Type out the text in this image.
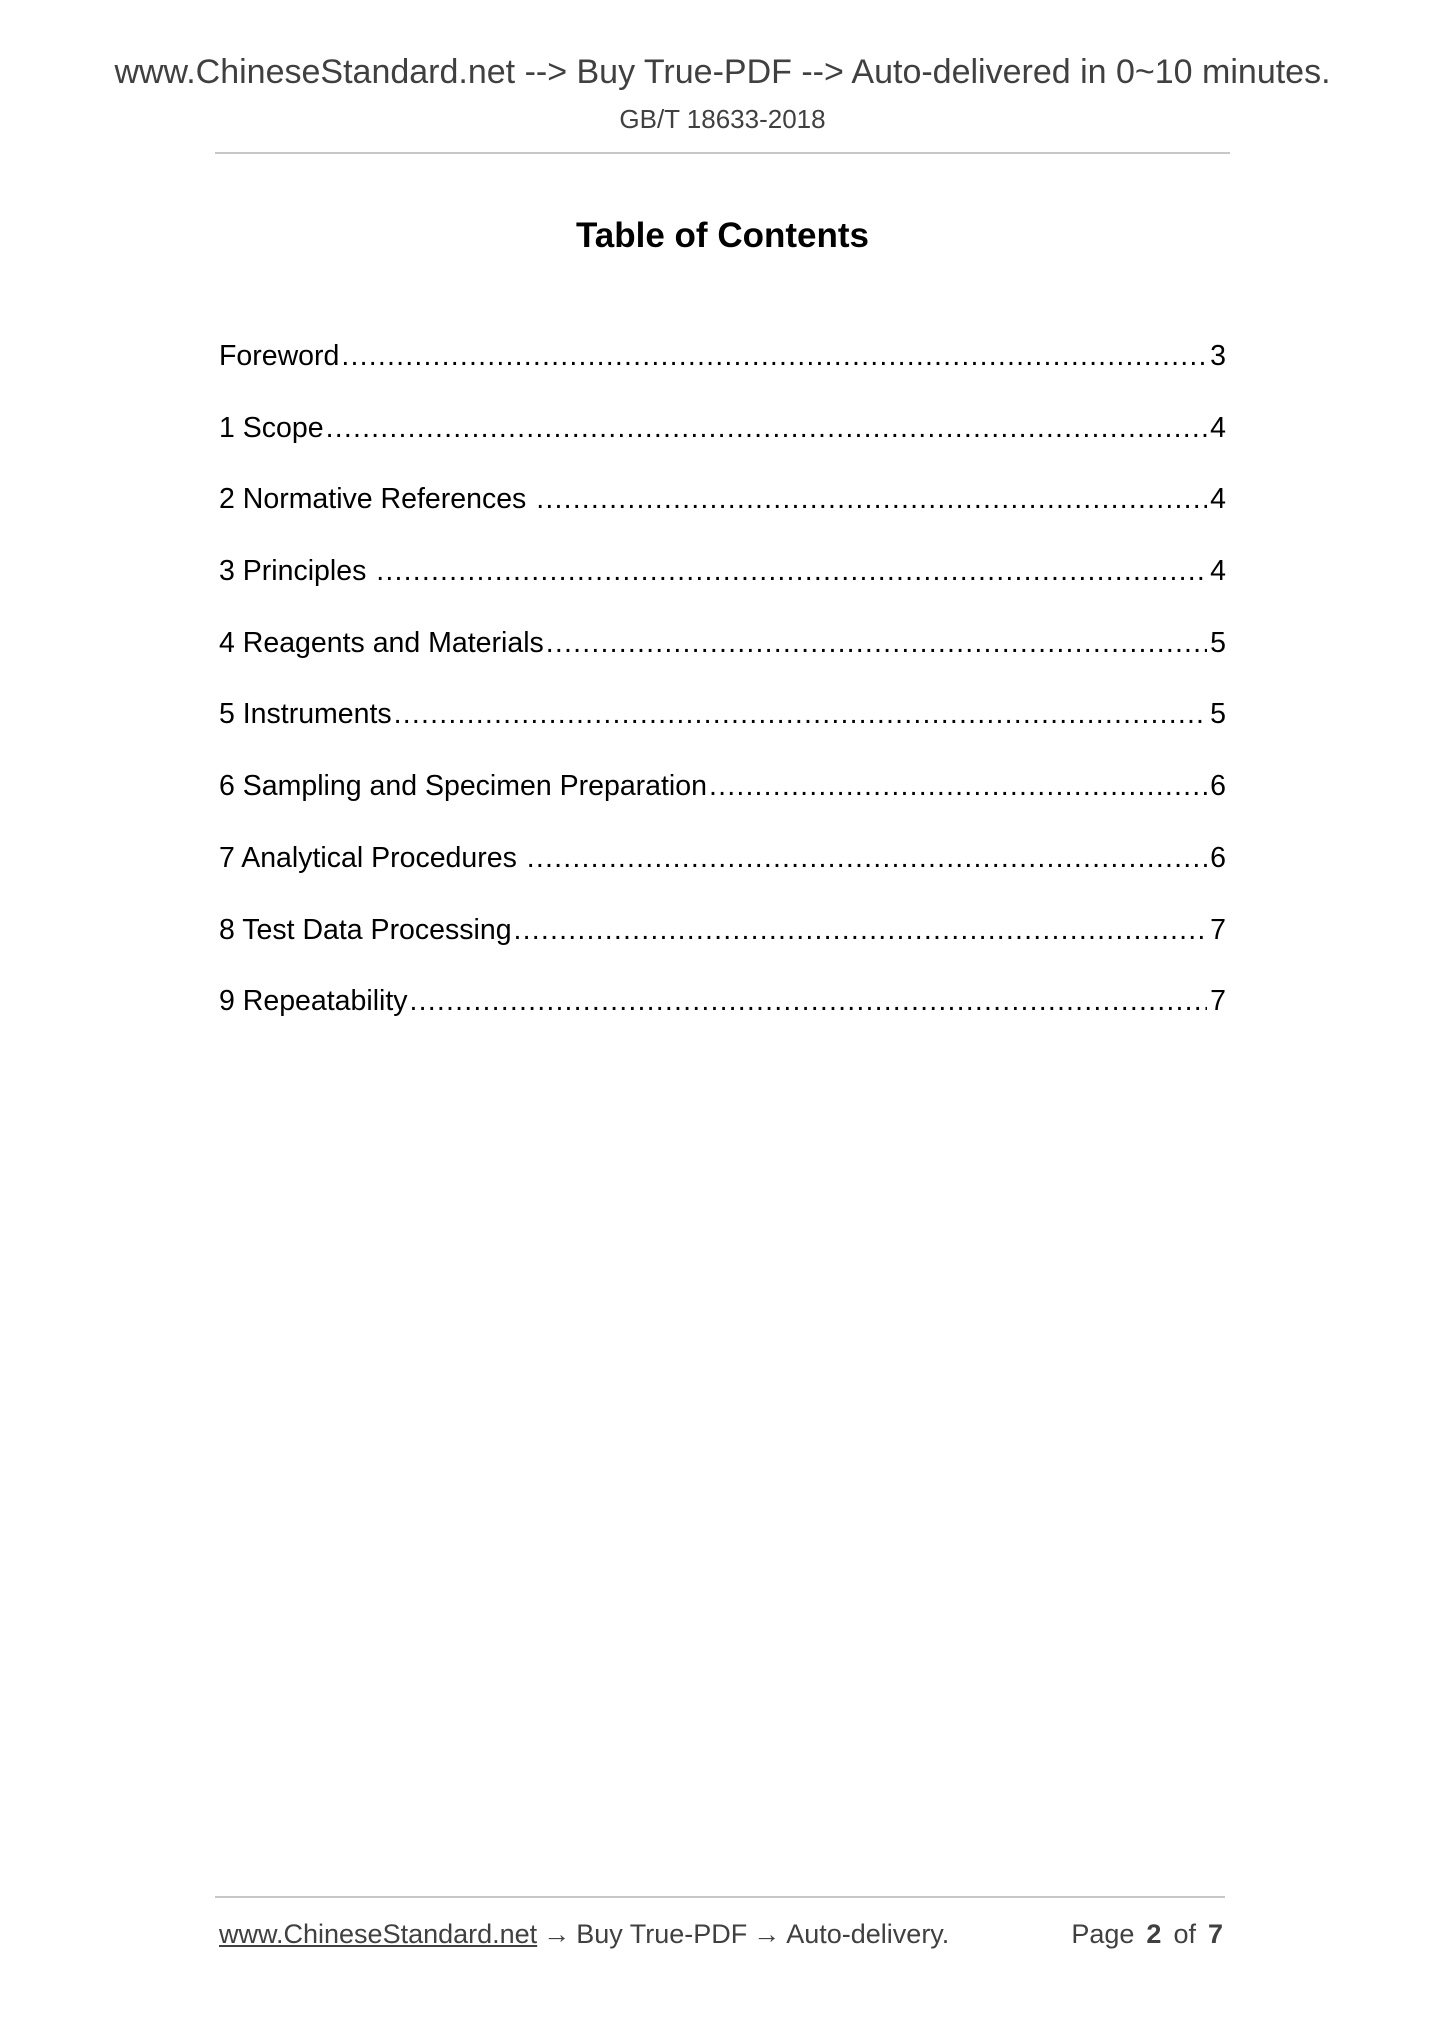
www.ChineseStandard.net --> Buy True-PDF --> Auto-delivered in 0~10 minutes.
GB/T 18633-2018
Table of Contents
Foreword .....	3
1 Scope .....	4
2 Normative References .....	4
3 Principles .....	4
4 Reagents and Materials .....	5
5 Instruments .....	5
6 Sampling and Specimen Preparation .....	6
7 Analytical Procedures .....	6
8 Test Data Processing .....	7
9 Repeatability .....	7
www.ChineseStandard.net → Buy True-PDF → Auto-delivery.	Page 2 of 7
